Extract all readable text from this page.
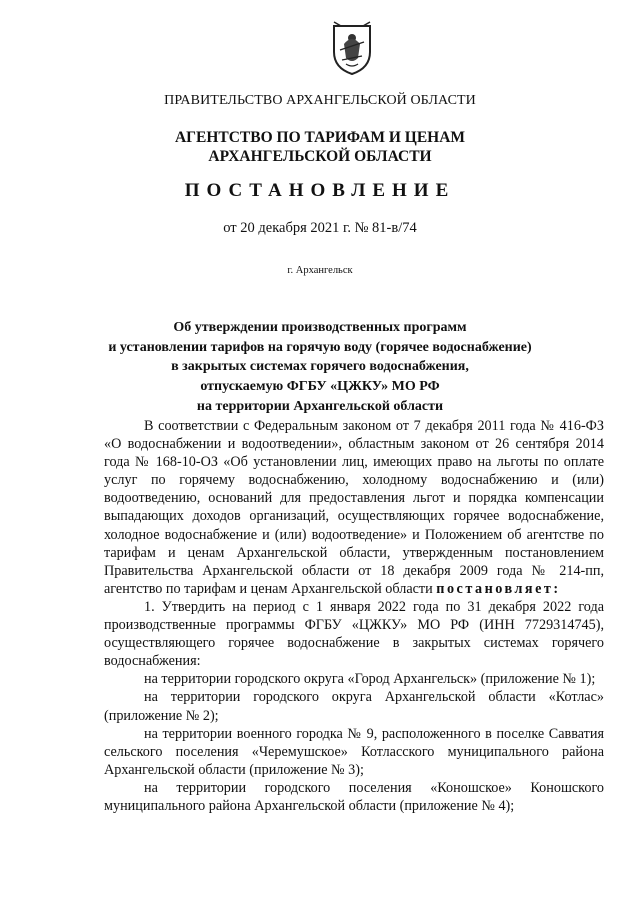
ПРАВИТЕЛЬСТВО АРХАНГЕЛЬСКОЙ ОБЛАСТИ
АГЕНТСТВО ПО ТАРИФАМ И ЦЕНАМ
АРХАНГЕЛЬСКОЙ ОБЛАСТИ
ПОСТАНОВЛЕНИЕ
от 20 декабря 2021 г. № 81-в/74
г. Архангельск
Об утверждении производственных программ
и установлении тарифов на горячую воду (горячее водоснабжение)
в закрытых системах горячего водоснабжения,
отпускаемую ФГБУ «ЦЖКУ» МО РФ
на территории Архангельской области

В соответствии с Федеральным законом от 7 декабря 2011 года № 416-ФЗ «О водоснабжении и водоотведении», областным законом от 26 сентября 2014 года № 168-10-ОЗ «Об установлении лиц, имеющих право на льготы по оплате услуг по горячему водоснабжению, холодному водоснабжению и (или) водоотведению, оснований для предоставления льгот и порядка компенсации выпадающих доходов организаций, осуществляющих горячее водоснабжение, холодное водоснабжение и (или) водоотведение» и Положением об агентстве по тарифам и ценам Архангельской области, утвержденным постановлением Правительства Архангельской области от 18 декабря 2009 года № 214-пп, агентство по тарифам и ценам Архангельской области постановляет:

1. Утвердить на период с 1 января 2022 года по 31 декабря 2022 года производственные программы ФГБУ «ЦЖКУ» МО РФ (ИНН 7729314745), осуществляющего горячее водоснабжение в закрытых системах горячего водоснабжения:

на территории городского округа «Город Архангельск» (приложение № 1);

на территории городского округа Архангельской области «Котлас» (приложение № 2);

на территории военного городка № 9, расположенного в поселке Савватия сельского поселения «Черемушское» Котласского муниципального района Архангельской области (приложение № 3);

на территории городского поселения «Коношское» Коношского муниципального района Архангельской области (приложение № 4);
